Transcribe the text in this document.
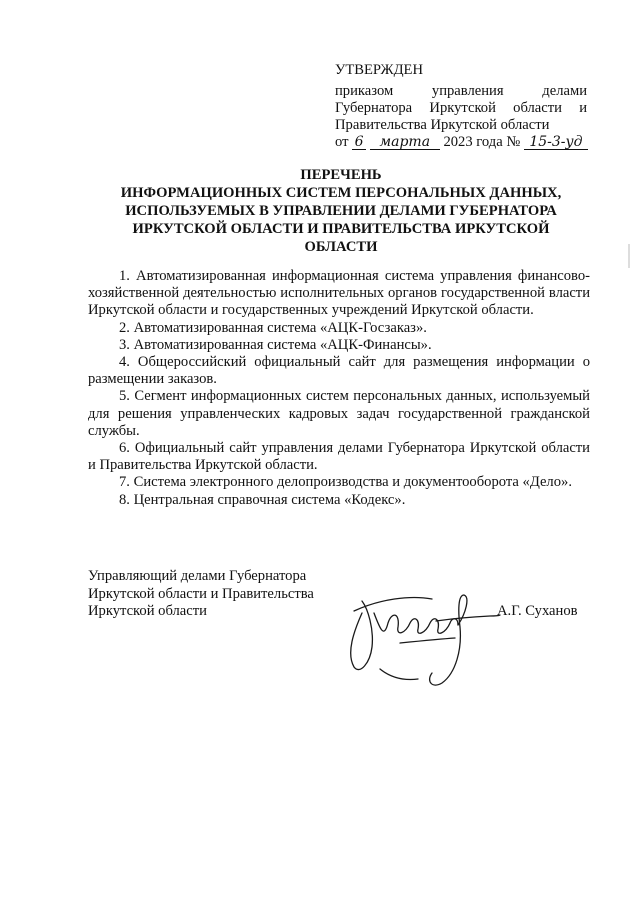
УТВЕРЖДЕН
приказом управления делами
Губернатора Иркутской области и
Правительства Иркутской области
от 6 марта 2023 года № 15-3-уд
ПЕРЕЧЕНЬ
ИНФОРМАЦИОННЫХ СИСТЕМ ПЕРСОНАЛЬНЫХ ДАННЫХ,
ИСПОЛЬЗУЕМЫХ В УПРАВЛЕНИИ ДЕЛАМИ ГУБЕРНАТОРА
ИРКУТСКОЙ ОБЛАСТИ И ПРАВИТЕЛЬСТВА ИРКУТСКОЙ
ОБЛАСТИ

1. Автоматизированная информационная система управления финансово-хозяйственной деятельностью исполнительных органов государственной власти Иркутской области и государственных учреждений Иркутской области.

2. Автоматизированная система «АЦК-Госзаказ».

3. Автоматизированная система «АЦК-Финансы».

4. Общероссийский официальный сайт для размещения информации о размещении заказов.

5. Сегмент информационных систем персональных данных, используемый для решения управленческих кадровых задач государственной гражданской службы.

6. Официальный сайт управления делами Губернатора Иркутской области и Правительства Иркутской области.

7. Система электронного делопроизводства и документооборота «Дело».

8. Центральная справочная система «Кодекс».

Управляющий делами Губернатора
Иркутской области и Правительства
Иркутской области	А.Г. Суханов
